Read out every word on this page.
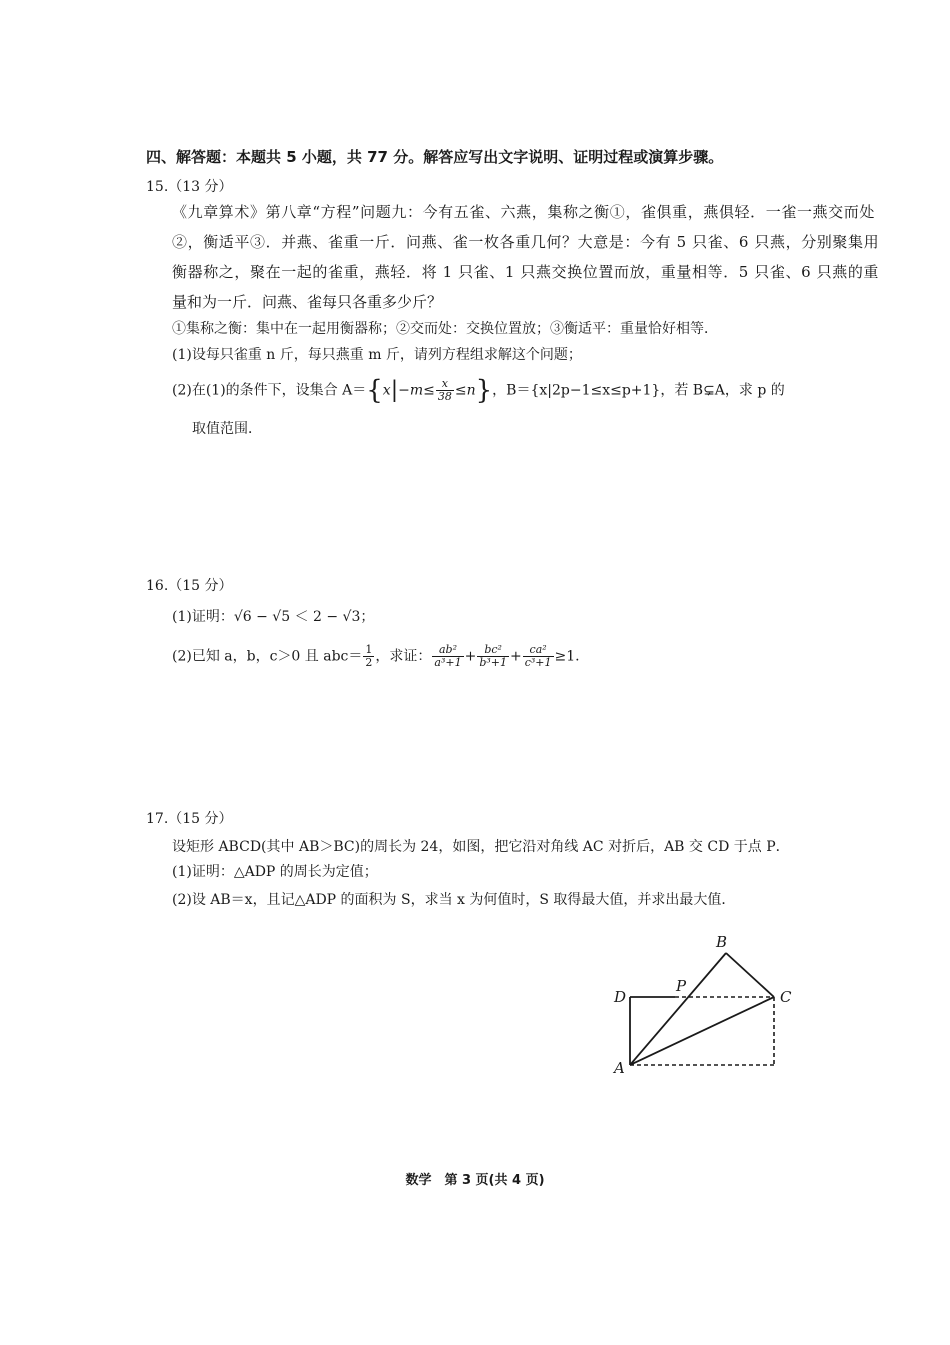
四、解答题：本题共 5 小题，共 77 分。解答应写出文字说明、证明过程或演算步骤。
15.（13 分）
《九章算术》第八章“方程”问题九：今有五雀、六燕，集称之衡①，雀俱重，燕俱轻．一雀一燕交而处
②，衡适平③．并燕、雀重一斤．问燕、雀一枚各重几何？大意是：今有 5 只雀、6 只燕，分别聚集用
衡器称之，聚在一起的雀重，燕轻．将 1 只雀、1 只燕交换位置而放，重量相等．5 只雀、6 只燕的重
量和为一斤．问燕、雀每只各重多少斤？
①集称之衡：集中在一起用衡器称；②交而处：交换位置放；③衡适平：重量恰好相等．
(1)设每只雀重 n 斤，每只燕重 m 斤，请列方程组求解这个问题；
(2)在(1)的条件下，设集合 $A=\{x|-m\le \frac{x}{38} \le n\}$，B＝{x|2p−1≤x≤p+1}，若 B⊊A，求 p 的
取值范围．
16.（15 分）
(1)证明：√6 − √5 ＜ 2 − √3；
(2)已知 a，b，c＞0 且 $abc= \frac{1}{2}$ ，求证： $\frac{\text{ab²}}{\text{a³+1}} + \frac{\text{bc²}}{\text{b³+1}} + \frac{\text{ca²}}{\text{c³+1}} \ge 1$.
17.（15 分）
设矩形 ABCD(其中 AB＞BC)的周长为 24，如图，把它沿对角线 AC 对折后，AB 交 CD 于点 P．
(1)证明：△ADP 的周长为定值；
(2)设 AB＝x，且记△ADP 的面积为 S，求当 x 为何值时，S 取得最大值，并求出最大值．
B
D
P
C
A
数学　第 3 页(共 4 页)
